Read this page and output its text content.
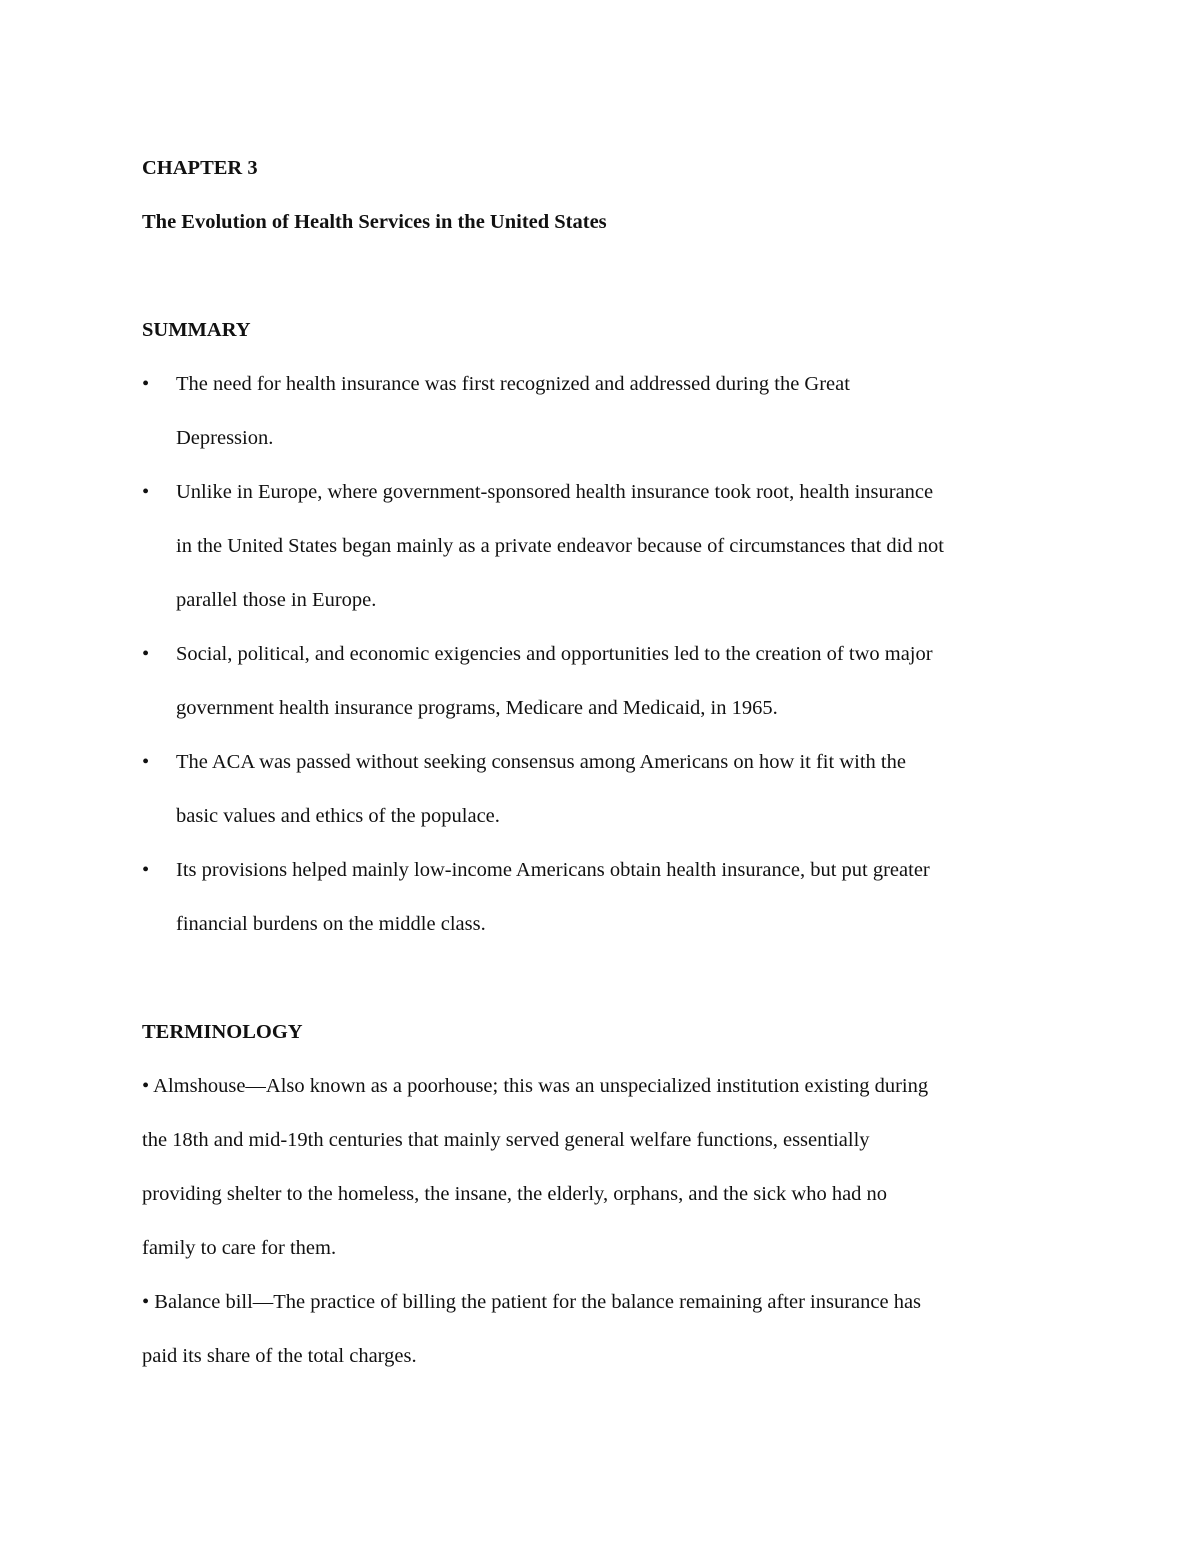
CHAPTER 3

The Evolution of Health Services in the United States

SUMMARY

•	The need for health insurance was first recognized and addressed during the Great

Depression.

•	Unlike in Europe, where government-sponsored health insurance took root, health insurance

in the United States began mainly as a private endeavor because of circumstances that did not

parallel those in Europe.

•	Social, political, and economic exigencies and opportunities led to the creation of two major

government health insurance programs, Medicare and Medicaid, in 1965.

•	The ACA was passed without seeking consensus among Americans on how it fit with the

basic values and ethics of the populace.

•	Its provisions helped mainly low-income Americans obtain health insurance, but put greater

financial burdens on the middle class.

TERMINOLOGY

• Almshouse—Also known as a poorhouse; this was an unspecialized institution existing during

the 18th and mid-19th centuries that mainly served general welfare functions, essentially

providing shelter to the homeless, the insane, the elderly, orphans, and the sick who had no

family to care for them.

• Balance bill—The practice of billing the patient for the balance remaining after insurance has

paid its share of the total charges.
